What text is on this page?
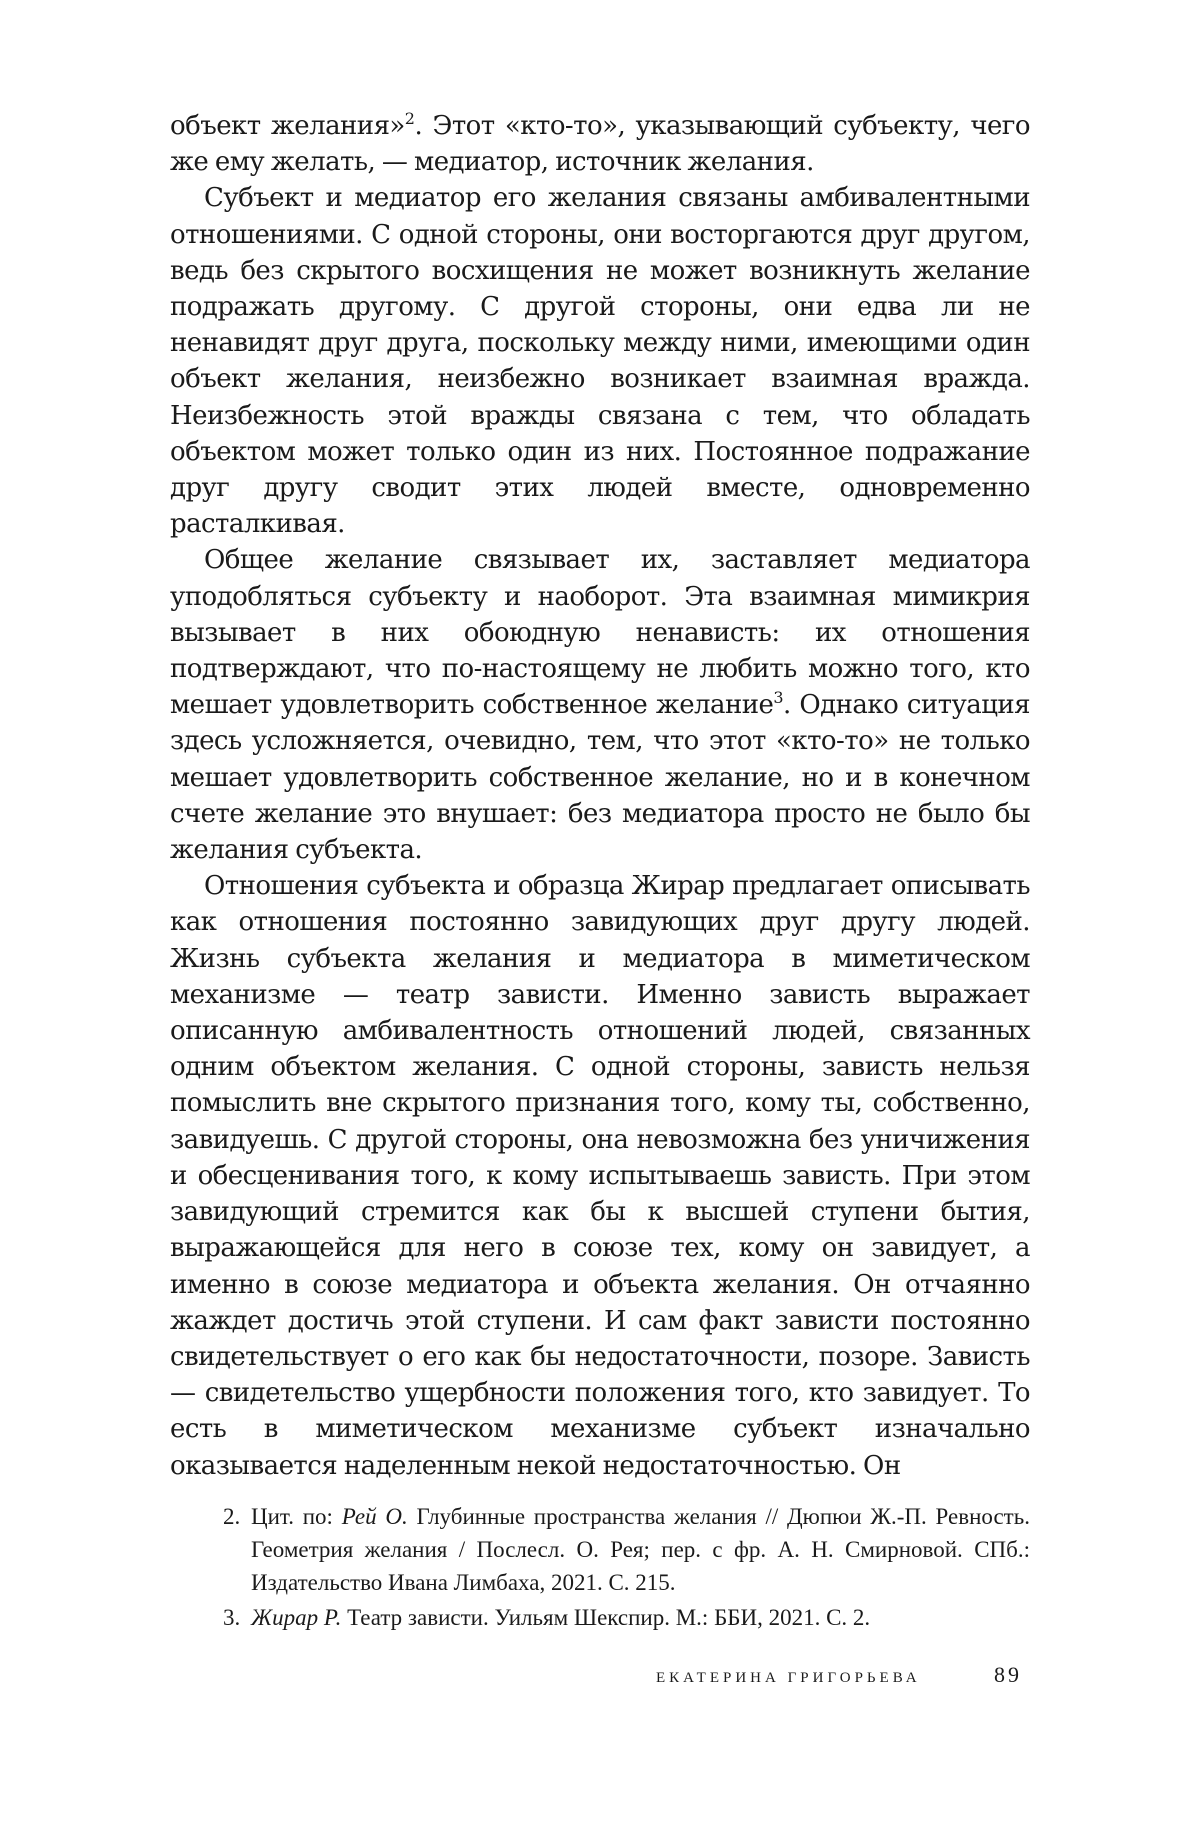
объект желания»$^2$. Этот «кто-то», указывающий субъекту, чего же ему желать, — медиатор, источник желания.

Субъект и медиатор его желания связаны амбивалентными отношениями. С одной стороны, они восторгаются друг другом, ведь без скрытого восхищения не может возникнуть желание подражать другому. С другой стороны, они едва ли не ненавидят друг друга, поскольку между ними, имеющими один объект желания, неизбежно возникает взаимная вражда. Неизбежность этой вражды связана с тем, что обладать объектом может только один из них. Постоянное подражание друг другу сводит этих людей вместе, одновременно расталкивая.

Общее желание связывает их, заставляет медиатора уподобляться субъекту и наоборот. Эта взаимная мимикрия вызывает в них обоюдную ненависть: их отношения подтверждают, что по-настоящему не любить можно того, кто мешает удовлетворить собственное желание$^3$. Однако ситуация здесь усложняется, очевидно, тем, что этот «кто-то» не только мешает удовлетворить собственное желание, но и в конечном счете желание это внушает: без медиатора просто не было бы желания субъекта.

Отношения субъекта и образца Жирар предлагает описывать как отношения постоянно завидующих друг другу людей. Жизнь субъекта желания и медиатора в миметическом механизме — театр зависти. Именно зависть выражает описанную амбивалентность отношений людей, связанных одним объектом желания. С одной стороны, зависть нельзя помыслить вне скрытого признания того, кому ты, собственно, завидуешь. С другой стороны, она невозможна без уничижения и обесценивания того, к кому испытываешь зависть. При этом завидующий стремится как бы к высшей ступени бытия, выражающейся для него в союзе тех, кому он завидует, а именно в союзе медиатора и объекта желания. Он отчаянно жаждет достичь этой ступени. И сам факт зависти постоянно свидетельствует о его как бы недостаточности, позоре. Зависть — свидетельство ущербности положения того, кто завидует. То есть в миметическом механизме субъект изначально оказывается наделенным некой недостаточностью. Он

2. Цит. по: Рей О. Глубинные пространства желания // Дюпюи Ж.-П. Ревность. Геометрия желания / Послесл. О. Рея; пер. с фр. А. Н. Смирновой. СПб.: Издательство Ивана Лимбаха, 2021. С. 215.
3. Жирар Р. Театр зависти. Уильям Шекспир. М.: ББИ, 2021. С. 2.
ЕКАТЕРИНА ГРИГОРЬЕВА	89
